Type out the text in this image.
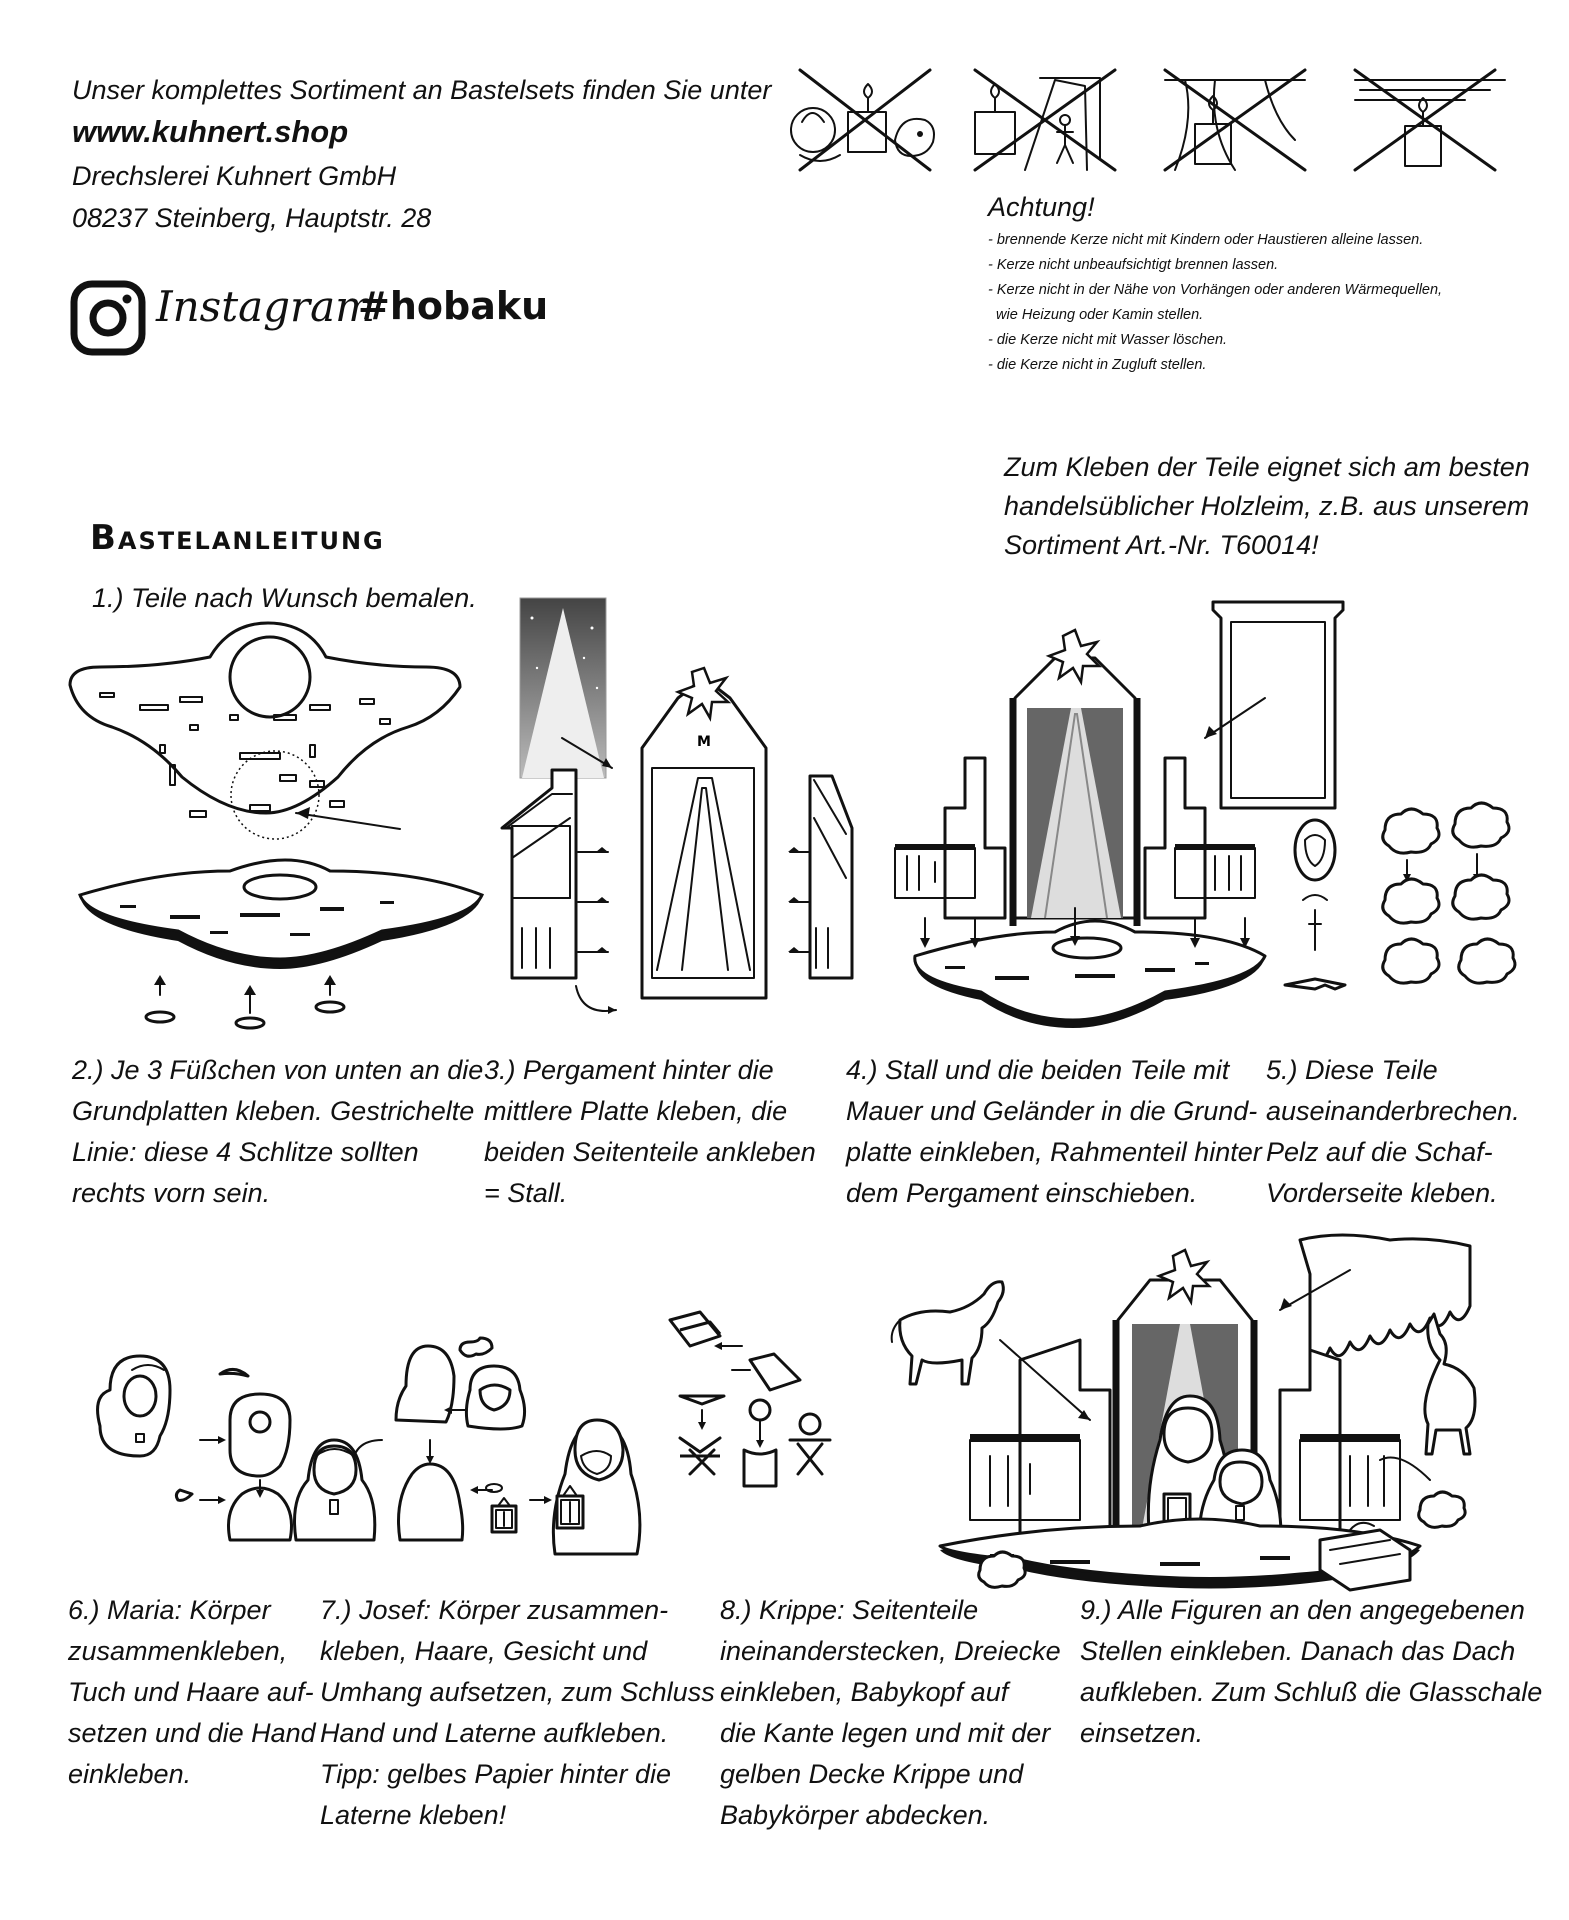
Unser komplettes Sortiment an Bastelsets finden Sie unter
www.kuhnert.shop
Drechslerei Kuhnert GmbH
08237 Steinberg, Hauptstr. 28
Instagram
#hobaku
Achtung!
- brennende Kerze nicht mit Kindern oder Haustieren alleine lassen.
- Kerze nicht unbeaufsichtigt brennen lassen.
- Kerze nicht in der Nähe von Vorhängen oder anderen Wärmequellen,
wie Heizung oder Kamin stellen.
- die Kerze nicht mit Wasser löschen.
- die Kerze nicht in Zugluft stellen.
Zum Kleben der Teile eignet sich am besten
handelsüblicher Holzleim, z.B. aus unserem
Sortiment Art.-Nr. T60014!
Bastelanleitung
1.) Teile nach Wunsch bemalen.
M
2.) Je 3 Füßchen von unten an die
Grundplatten kleben. Gestrichelte
Linie: diese 4 Schlitze sollten
rechts vorn sein.
3.) Pergament hinter die
mittlere Platte kleben, die
beiden Seitenteile ankleben
= Stall.
4.) Stall und die beiden Teile mit
Mauer und Geländer in die Grund-
platte einkleben, Rahmenteil hinter
dem Pergament einschieben.
5.) Diese Teile
auseinanderbrechen.
Pelz auf die Schaf-
Vorderseite kleben.
6.) Maria: Körper
zusammenkleben,
Tuch und Haare auf-
setzen und die Hand
einkleben.
7.) Josef: Körper zusammen-
kleben, Haare, Gesicht und
Umhang aufsetzen, zum Schluss
Hand und Laterne aufkleben.
Tipp: gelbes Papier hinter die
Laterne kleben!
8.) Krippe: Seitenteile
ineinanderstecken, Dreiecke
einkleben, Babykopf auf
die Kante legen und mit der
gelben Decke Krippe und
Babykörper abdecken.
9.) Alle Figuren an den angegebenen
Stellen einkleben. Danach das Dach
aufkleben. Zum Schluß die Glasschale
einsetzen.
